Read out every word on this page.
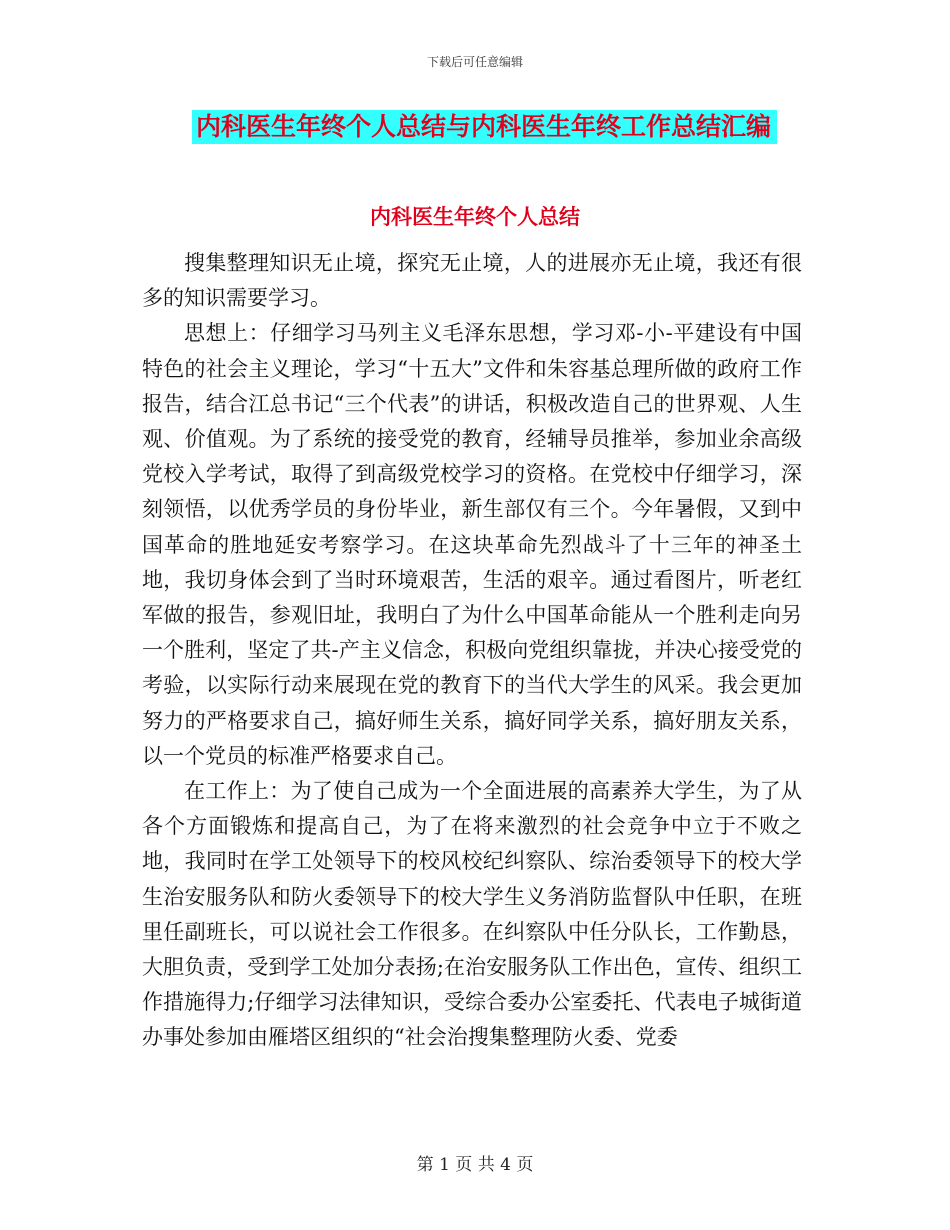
下载后可任意编辑
内科医生年终个人总结与内科医生年终工作总结汇编
内科医生年终个人总结

搜集整理知识无止境，探究无止境，人的进展亦无止境，我还有很多的知识需要学习。

思想上：仔细学习马列主义毛泽东思想，学习邓-小-平建设有中国特色的社会主义理论，学习“十五大”文件和朱容基总理所做的政府工作报告，结合江总书记“三个代表”的讲话，积极改造自己的世界观、人生观、价值观。为了系统的接受党的教育，经辅导员推举，参加业余高级党校入学考试，取得了到高级党校学习的资格。在党校中仔细学习，深刻领悟，以优秀学员的身份毕业，新生部仅有三个。今年暑假，又到中国革命的胜地延安考察学习。在这块革命先烈战斗了十三年的神圣土地，我切身体会到了当时环境艰苦，生活的艰辛。通过看图片，听老红军做的报告，参观旧址，我明白了为什么中国革命能从一个胜利走向另一个胜利，坚定了共-产主义信念，积极向党组织靠拢，并决心接受党的考验，以实际行动来展现在党的教育下的当代大学生的风采。我会更加努力的严格要求自己，搞好师生关系，搞好同学关系，搞好朋友关系，以一个党员的标准严格要求自己。

在工作上：为了使自己成为一个全面进展的高素养大学生，为了从各个方面锻炼和提高自己，为了在将来激烈的社会竞争中立于不败之地，我同时在学工处领导下的校风校纪纠察队、综治委领导下的校大学生治安服务队和防火委领导下的校大学生义务消防监督队中任职，在班里任副班长，可以说社会工作很多。在纠察队中任分队长，工作勤恳，大胆负责，受到学工处加分表扬;在治安服务队工作出色，宣传、组织工作措施得力;仔细学习法律知识，受综合委办公室委托、代表电子城街道办事处参加由雁塔区组织的“社会治搜集整理防火委、党委

第 1 页 共 4 页
